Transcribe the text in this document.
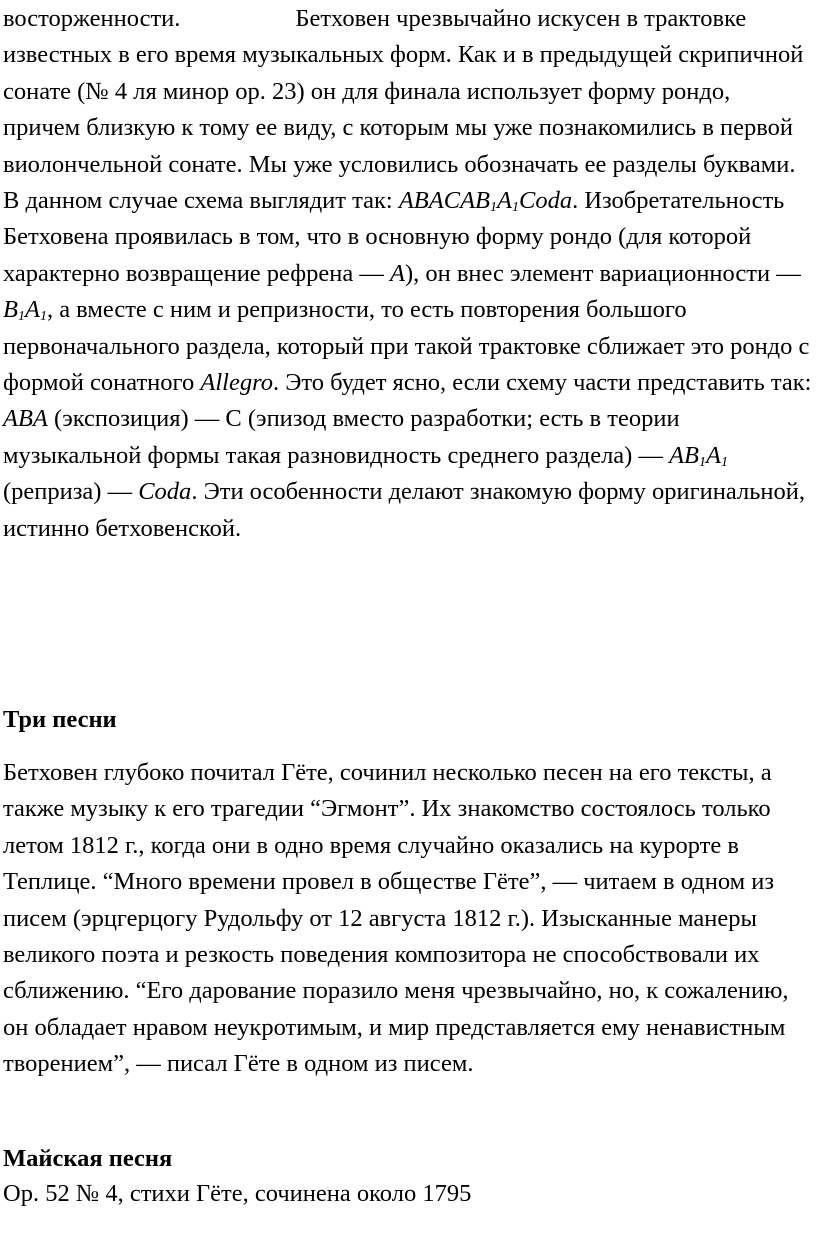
восторженности.	Бетховен чрезвычайно искусен в трактовке известных в его время музыкальных форм. Как и в предыдущей скрипичной сонате (№ 4 ля минор ор. 23) он для финала использует форму рондо, причем близкую к тому ее виду, с которым мы уже познакомились в первой виолончельной сонате. Мы уже условились обозначать ее разделы буквами. В данном случае схема выглядит так: $ABACAB_1A_1Coda$. Изобретательность Бетховена проявилась в том, что в основную форму рондо (для которой характерно возвращение рефрена — A), он внес элемент вариационности — $B_1A_1$, а вместе с ним и репризности, то есть повторения большого первоначального раздела, который при такой трактовке сближает это рондо с формой сонатного Allegro. Это будет ясно, если схему части представить так: ABA (экспозиция) — С (эпизод вместо разработки; есть в теории музыкальной формы такая разновидность среднего раздела) — $AB_1A_1$ (реприза) — Coda. Эти особенности делают знакомую форму оригинальной, истинно бетховенской.

Три песни

Бетховен глубоко почитал Гёте, сочинил несколько песен на его тексты, а также музыку к его трагедии “Эгмонт”. Их знакомство состоялось только летом 1812 г., когда они в одно время случайно оказались на курорте в Теплице. “Много времени провел в обществе Гёте”, — читаем в одном из писем (эрцгерцогу Рудольфу от 12 августа 1812 г.). Изысканные манеры великого поэта и резкость поведения композитора не способствовали их сближению. “Его дарование поразило меня чрезвычайно, но, к сожалению, он обладает нравом неукротимым, и мир представляется ему ненавистным творением”, — писал Гёте в одном из писем.

Майская песня

Ор. 52 № 4, стихи Гёте, сочинена около 1795
